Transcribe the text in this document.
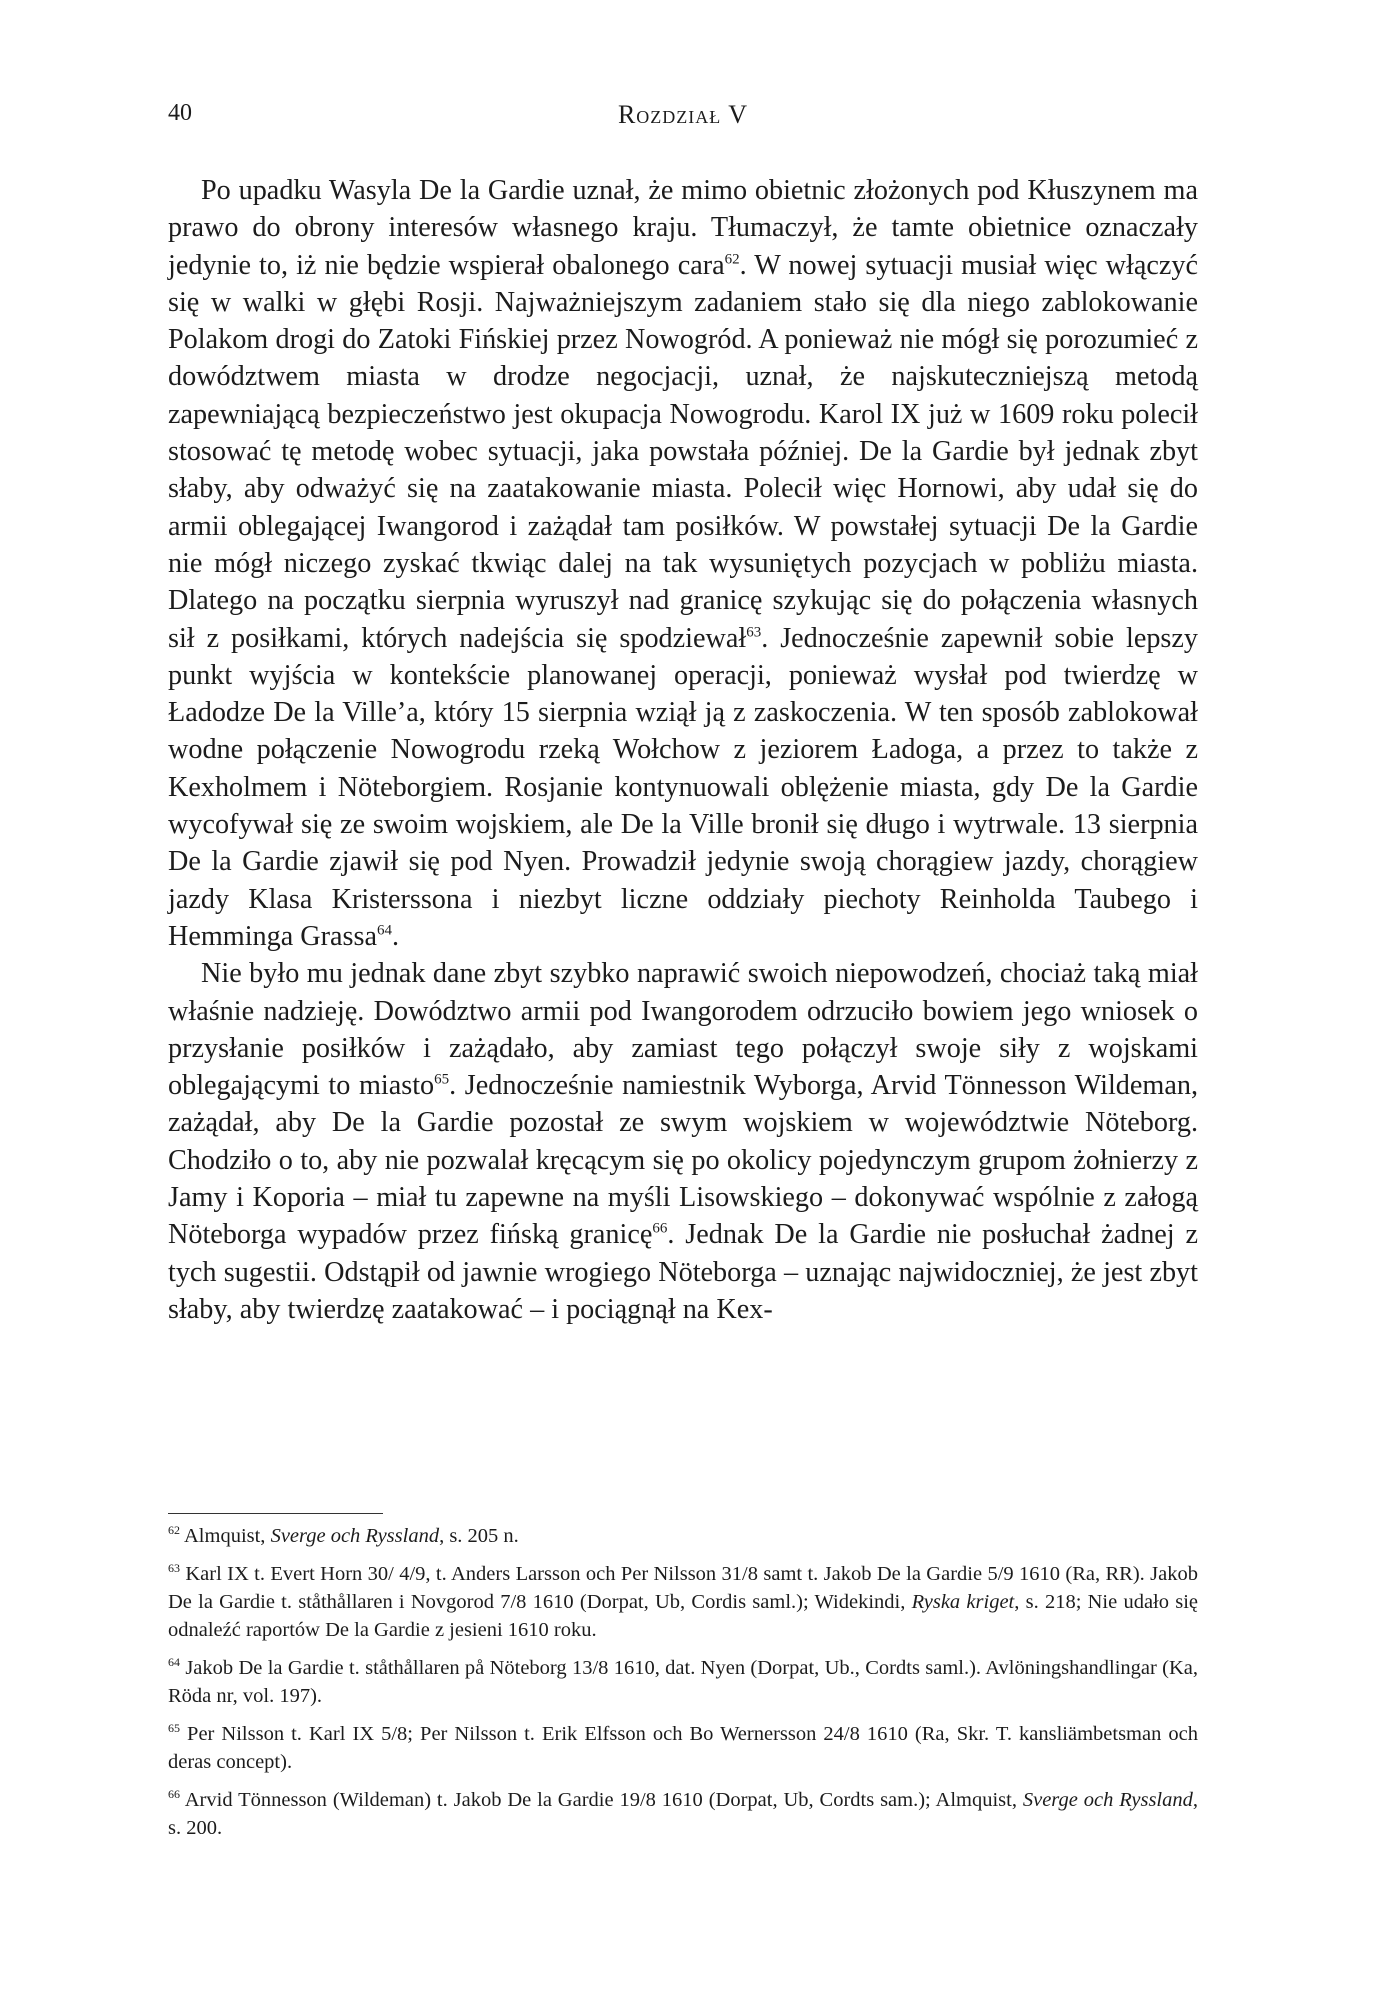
40	Rozdział V

Po upadku Wasyla De la Gardie uznał, że mimo obietnic złożonych pod Kłuszynem ma prawo do obrony interesów własnego kraju. Tłumaczył, że tamte obietnice oznaczały jedynie to, iż nie będzie wspierał obalonego cara$^{62}$. W nowej sytuacji musiał więc włączyć się w walki w głębi Rosji. Najważniejszym zadaniem stało się dla niego zablokowanie Polakom drogi do Zatoki Fińskiej przez Nowogród. A ponieważ nie mógł się porozumieć z dowództwem miasta w drodze negocjacji, uznał, że najskuteczniejszą metodą zapewniającą bezpieczeństwo jest okupacja Nowogrodu. Karol IX już w 1609 roku polecił stosować tę metodę wobec sytuacji, jaka powstała później. De la Gardie był jednak zbyt słaby, aby odważyć się na zaatakowanie miasta. Polecił więc Hornowi, aby udał się do armii oblegającej Iwangorod i zażądał tam posiłków. W powstałej sytuacji De la Gardie nie mógł niczego zyskać tkwiąc dalej na tak wysuniętych pozycjach w pobliżu miasta. Dlatego na początku sierpnia wyruszył nad granicę szykując się do połączenia własnych sił z posiłkami, których nadejścia się spodziewał$^{63}$. Jednocześnie zapewnił sobie lepszy punkt wyjścia w kontekście planowanej operacji, ponieważ wysłał pod twierdzę w Ładodze De la Ville’a, który 15 sierpnia wziął ją z zaskoczenia. W ten sposób zablokował wodne połączenie Nowogrodu rzeką Wołchow z jeziorem Ładoga, a przez to także z Kexholmem i Nöteborgiem. Rosjanie kontynuowali oblężenie miasta, gdy De la Gardie wycofywał się ze swoim wojskiem, ale De la Ville bronił się długo i wytrwale. 13 sierpnia De la Gardie zjawił się pod Nyen. Prowadził jedynie swoją chorągiew jazdy, chorągiew jazdy Klasa Kristerssona i niezbyt liczne oddziały piechoty Reinholda Taubego i Hemminga Grassa$^{64}$.

Nie było mu jednak dane zbyt szybko naprawić swoich niepowodzeń, chociaż taką miał właśnie nadzieję. Dowództwo armii pod Iwangorodem odrzuciło bowiem jego wniosek o przysłanie posiłków i zażądało, aby zamiast tego połączył swoje siły z wojskami oblegającymi to miasto$^{65}$. Jednocześnie namiestnik Wyborga, Arvid Tönnesson Wildeman, zażądał, aby De la Gardie pozostał ze swym wojskiem w województwie Nöteborg. Chodziło o to, aby nie pozwalał kręcącym się po okolicy pojedynczym grupom żołnierzy z Jamy i Koporia – miał tu zapewne na myśli Lisowskiego – dokonywać wspólnie z załogą Nöteborga wypadów przez fińską granicę$^{66}$. Jednak De la Gardie nie posłuchał żadnej z tych sugestii. Odstąpił od jawnie wrogiego Nöteborga – uznając najwidoczniej, że jest zbyt słaby, aby twierdzę zaatakować – i pociągnął na Kex-

$^{62}$ Almquist, Sverge och Ryssland, s. 205 n.

$^{63}$ Karl IX t. Evert Horn 30/ 4/9, t. Anders Larsson och Per Nilsson 31/8 samt t. Jakob De la Gardie 5/9 1610 (Ra, RR). Jakob De la Gardie t. ståthållaren i Novgorod 7/8 1610 (Dorpat, Ub, Cordis saml.); Widekindi, Ryska kriget, s. 218; Nie udało się odnaleźć raportów De la Gardie z jesieni 1610 roku.

$^{64}$ Jakob De la Gardie t. ståthållaren på Nöteborg 13/8 1610, dat. Nyen (Dorpat, Ub., Cordts saml.). Avlöningshandlingar (Ka, Röda nr, vol. 197).

$^{65}$ Per Nilsson t. Karl IX 5/8; Per Nilsson t. Erik Elfsson och Bo Wernersson 24/8 1610 (Ra, Skr. T. kansliämbetsman och deras concept).

$^{66}$ Arvid Tönnesson (Wildeman) t. Jakob De la Gardie 19/8 1610 (Dorpat, Ub, Cordts sam.); Almquist, Sverge och Ryssland, s. 200.
